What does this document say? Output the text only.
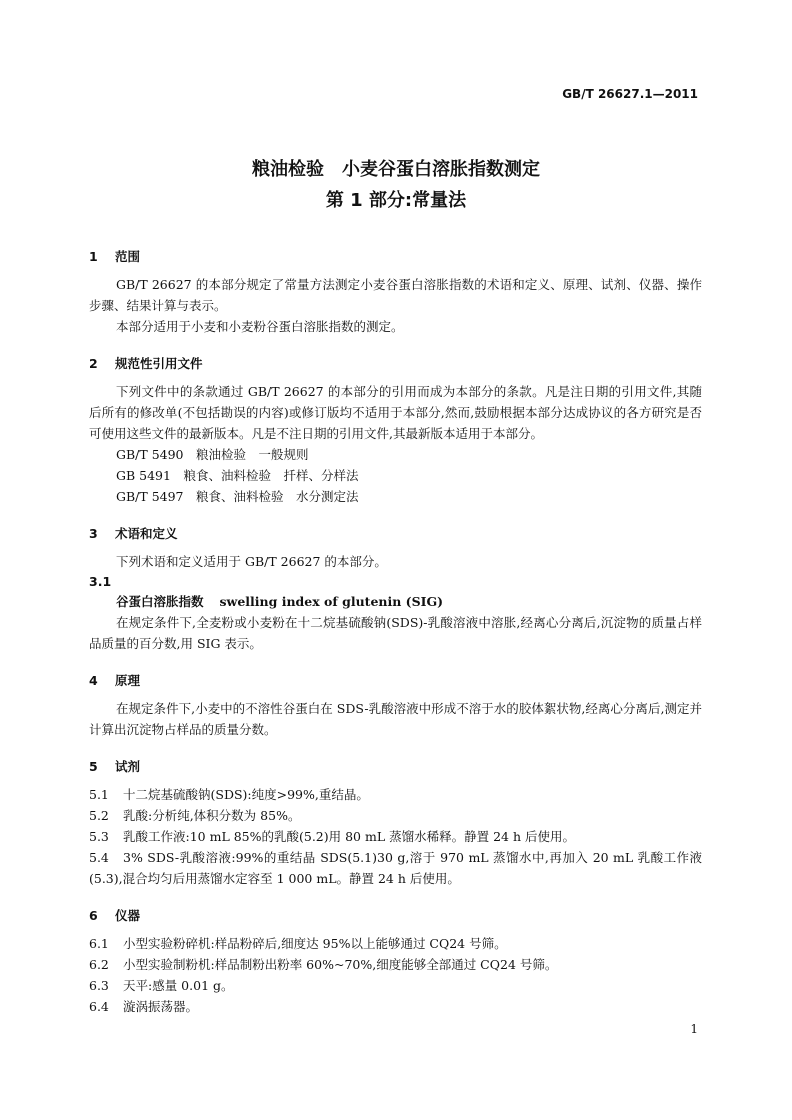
GB/T 26627.1—2011
粮油检验　小麦谷蛋白溶胀指数测定
第 1 部分:常量法
1 范围

GB/T 26627 的本部分规定了常量方法测定小麦谷蛋白溶胀指数的术语和定义、原理、试剂、仪器、操作步骤、结果计算与表示。

本部分适用于小麦和小麦粉谷蛋白溶胀指数的测定。

2 规范性引用文件

下列文件中的条款通过 GB/T 26627 的本部分的引用而成为本部分的条款。凡是注日期的引用文件,其随后所有的修改单(不包括勘误的内容)或修订版均不适用于本部分,然而,鼓励根据本部分达成协议的各方研究是否可使用这些文件的最新版本。凡是不注日期的引用文件,其最新版本适用于本部分。

GB/T 5490　粮油检验　一般规则

GB 5491　粮食、油料检验　扦样、分样法

GB/T 5497　粮食、油料检验　水分测定法

3 术语和定义

下列术语和定义适用于 GB/T 26627 的本部分。

3.1
谷蛋白溶胀指数 swelling index of glutenin (SIG)

在规定条件下,全麦粉或小麦粉在十二烷基硫酸钠(SDS)-乳酸溶液中溶胀,经离心分离后,沉淀物的质量占样品质量的百分数,用 SIG 表示。

4 原理

在规定条件下,小麦中的不溶性谷蛋白在 SDS-乳酸溶液中形成不溶于水的胶体絮状物,经离心分离后,测定并计算出沉淀物占样品的质量分数。

5 试剂

5.1 十二烷基硫酸钠(SDS):纯度>99%,重结晶。

5.2 乳酸:分析纯,体积分数为 85%。

5.3 乳酸工作液:10 mL 85%的乳酸(5.2)用 80 mL 蒸馏水稀释。静置 24 h 后使用。

5.4 3% SDS-乳酸溶液:99%的重结晶 SDS(5.1)30 g,溶于 970 mL 蒸馏水中,再加入 20 mL 乳酸工作液(5.3),混合均匀后用蒸馏水定容至 1 000 mL。静置 24 h 后使用。

6 仪器

6.1 小型实验粉碎机:样品粉碎后,细度达 95%以上能够通过 CQ24 号筛。

6.2 小型实验制粉机:样品制粉出粉率 60%~70%,细度能够全部通过 CQ24 号筛。

6.3 天平:感量 0.01 g。

6.4 漩涡振荡器。

1
